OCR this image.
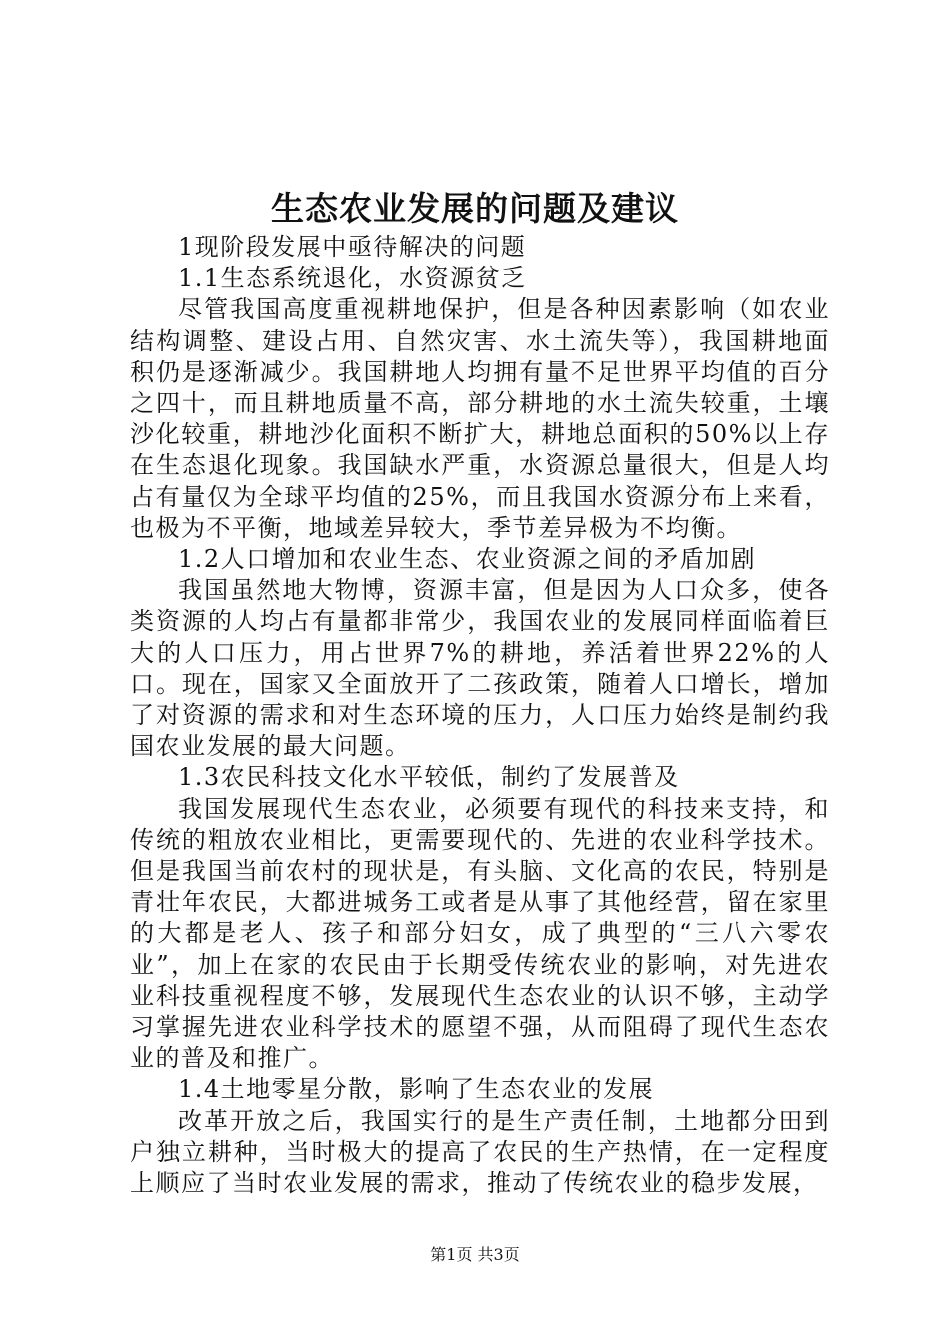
生态农业发展的问题及建议

1现阶段发展中亟待解决的问题

1.1生态系统退化，水资源贫乏

尽管我国高度重视耕地保护，但是各种因素影响（如农业结构调整、建设占用、自然灾害、水土流失等），我国耕地面积仍是逐渐减少。我国耕地人均拥有量不足世界平均值的百分之四十，而且耕地质量不高，部分耕地的水土流失较重，土壤沙化较重，耕地沙化面积不断扩大，耕地总面积的50%以上存在生态退化现象。我国缺水严重，水资源总量很大，但是人均占有量仅为全球平均值的25%，而且我国水资源分布上来看，也极为不平衡，地域差异较大，季节差异极为不均衡。

1.2人口增加和农业生态、农业资源之间的矛盾加剧

我国虽然地大物博，资源丰富，但是因为人口众多，使各类资源的人均占有量都非常少，我国农业的发展同样面临着巨大的人口压力，用占世界7%的耕地，养活着世界22%的人口。现在，国家又全面放开了二孩政策，随着人口增长，增加了对资源的需求和对生态环境的压力，人口压力始终是制约我国农业发展的最大问题。

1.3农民科技文化水平较低，制约了发展普及

我国发展现代生态农业，必须要有现代的科技来支持，和传统的粗放农业相比，更需要现代的、先进的农业科学技术。但是我国当前农村的现状是，有头脑、文化高的农民，特别是青壮年农民，大都进城务工或者是从事了其他经营，留在家里的大都是老人、孩子和部分妇女，成了典型的“三八六零农业”，加上在家的农民由于长期受传统农业的影响，对先进农业科技重视程度不够，发展现代生态农业的认识不够，主动学习掌握先进农业科学技术的愿望不强，从而阻碍了现代生态农业的普及和推广。

1.4土地零星分散，影响了生态农业的发展

改革开放之后，我国实行的是生产责任制，土地都分田到户独立耕种，当时极大的提高了农民的生产热情，在一定程度上顺应了当时农业发展的需求，推动了传统农业的稳步发展，

第1页 共3页
